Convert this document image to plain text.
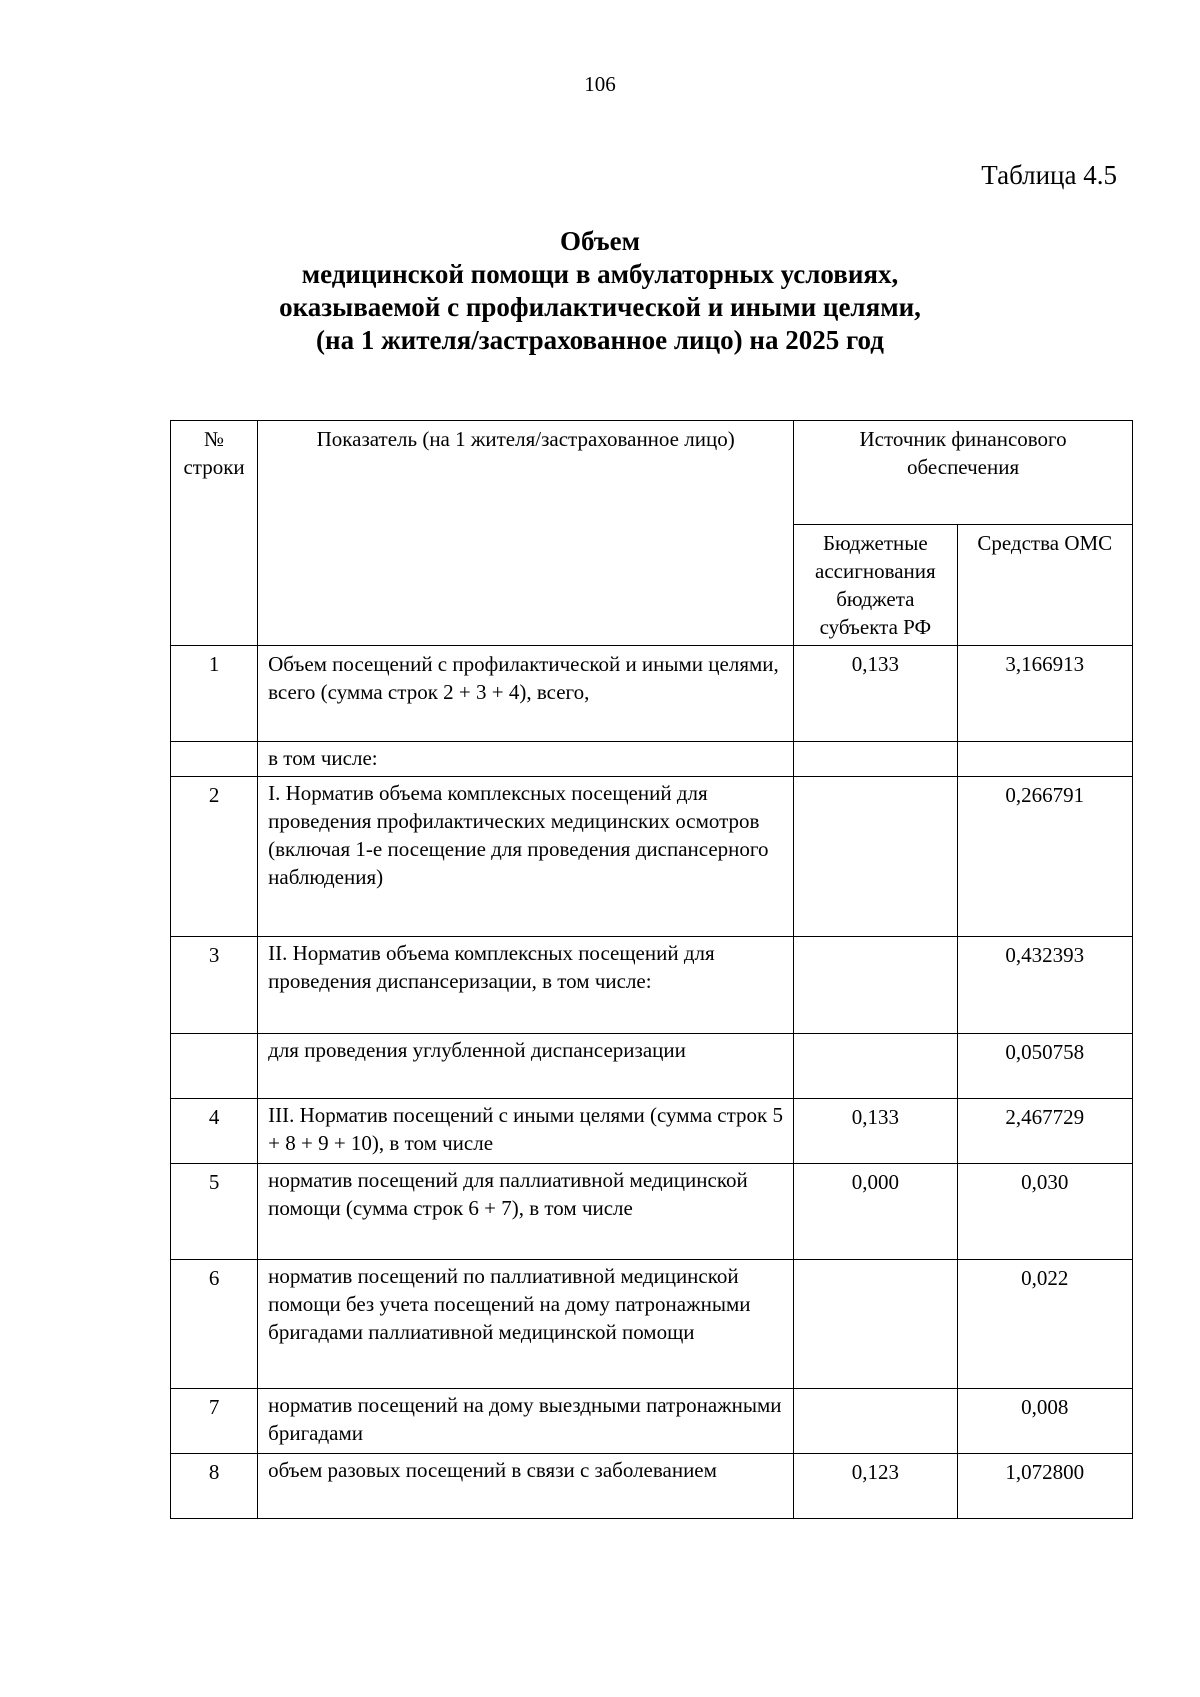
106
Таблица 4.5
Объем
медицинской помощи в амбулаторных условиях,
оказываемой с профилактической и иными целями,
(на 1 жителя/застрахованное лицо) на 2025 год
№ строки	Показатель (на 1 жителя/застрахованное лицо)	Источник финансового обеспечения	
		Бюджетные ассигнования бюджета субъекта РФ	Средства ОМС
1	Объем посещений с профилактической и иными целями, всего (сумма строк 2 + 3 + 4), всего,	0,133	3,166913
	в том числе:		
2	I. Норматив объема комплексных посещений для проведения профилактических медицинских осмотров (включая 1-е посещение для проведения диспансерного наблюдения)		0,266791
3	II. Норматив объема комплексных посещений для проведения диспансеризации, в том числе:		0,432393
	для проведения углубленной диспансеризации		0,050758
4	III. Норматив посещений с иными целями (сумма строк 5 + 8 + 9 + 10), в том числе	0,133	2,467729
5	норматив посещений для паллиативной медицинской помощи (сумма строк 6 + 7), в том числе	0,000	0,030
6	норматив посещений по паллиативной медицинской помощи без учета посещений на дому патронажными бригадами паллиативной медицинской помощи		0,022
7	норматив посещений на дому выездными патронажными бригадами		0,008
8	объем разовых посещений в связи с заболеванием	0,123	1,072800
